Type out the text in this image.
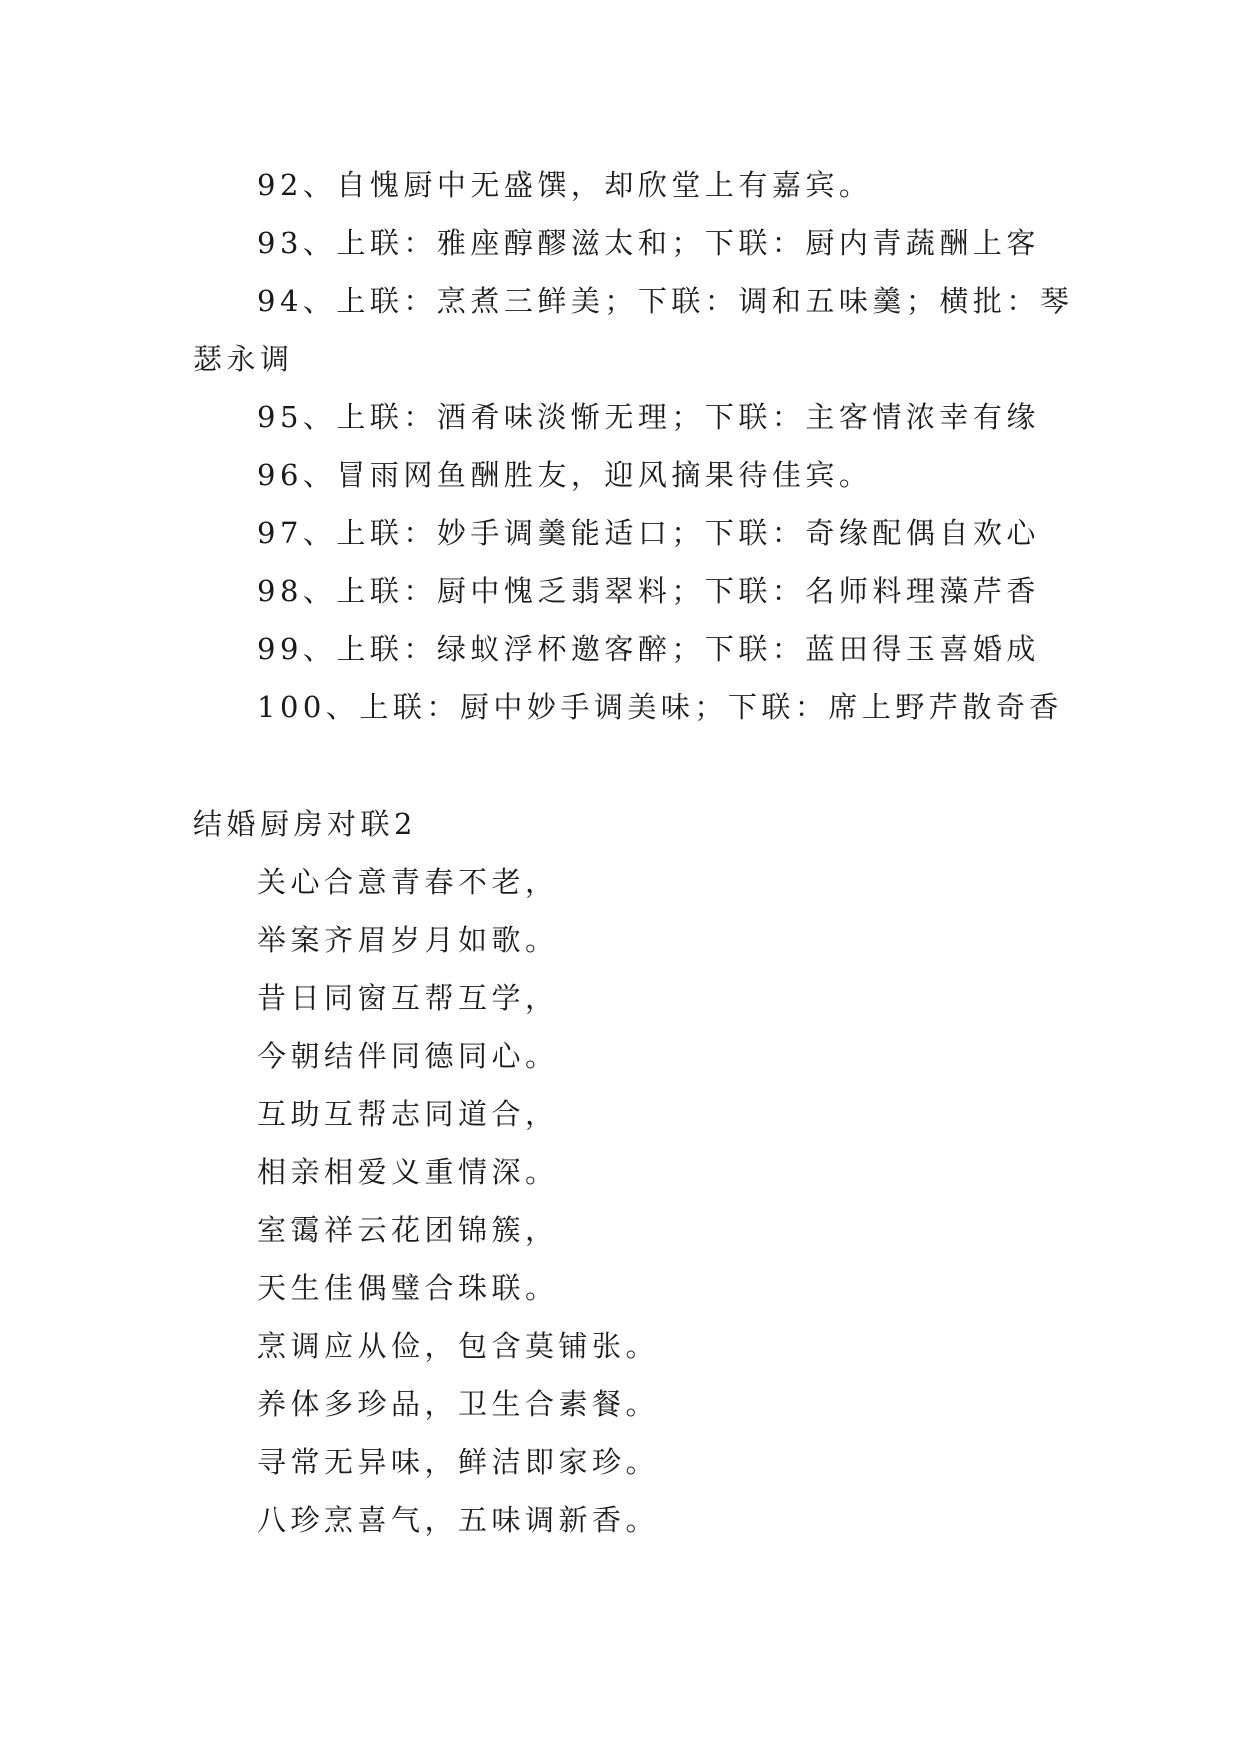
92、自愧厨中无盛馔，却欣堂上有嘉宾。
93、上联：雅座醇醪滋太和；下联：厨内青蔬酬上客
94、上联：烹煮三鲜美；下联：调和五味羹；横批：琴
瑟永调
95、上联：酒肴味淡惭无理；下联：主客情浓幸有缘
96、冒雨网鱼酬胜友，迎风摘果待佳宾。
97、上联：妙手调羹能适口；下联：奇缘配偶自欢心
98、上联：厨中愧乏翡翠料；下联：名师料理藻芹香
99、上联：绿蚁浮杯邀客醉；下联：蓝田得玉喜婚成
100、上联：厨中妙手调美味；下联：席上野芹散奇香
结婚厨房对联2
关心合意青春不老，
举案齐眉岁月如歌。
昔日同窗互帮互学，
今朝结伴同德同心。
互助互帮志同道合，
相亲相爱义重情深。
室霭祥云花团锦簇，
天生佳偶璧合珠联。
烹调应从俭，包含莫铺张。
养体多珍品，卫生合素餐。
寻常无异味，鲜洁即家珍。
八珍烹喜气，五味调新香。
